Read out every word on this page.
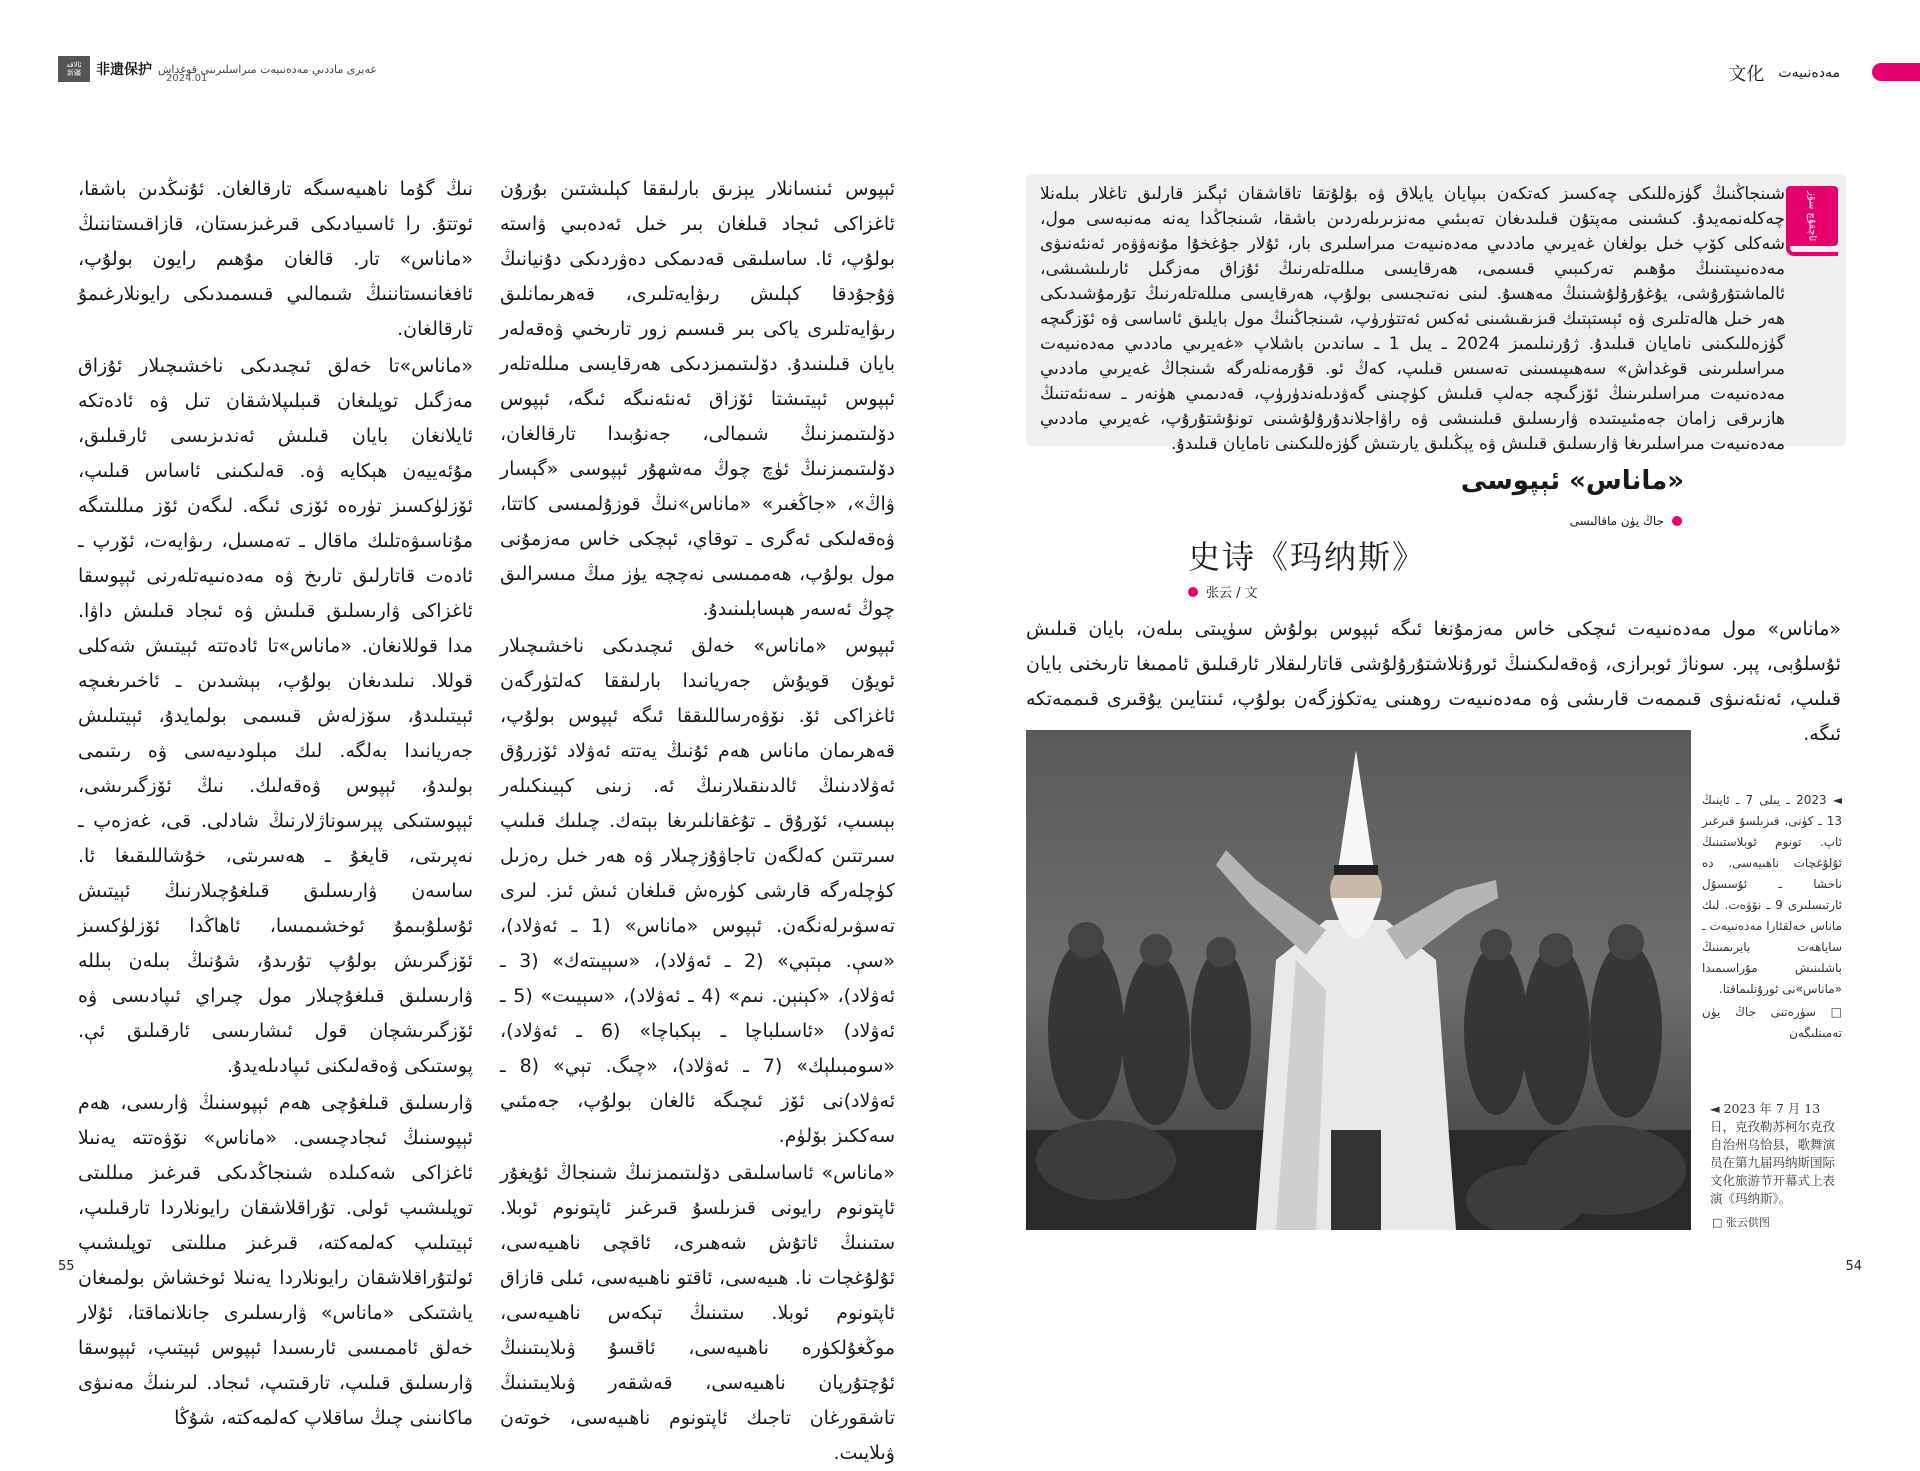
ئالاقە
新疆 非遗保护 غەيرى ماددىي مەدەنىيەت مىراسلىرىنى قوغداش
2024.01

ئېپوس ئىنسانلار يېزىق بارلىققا كېلىشتىن بۇرۇن ئاغزاكى ئىجاد قىلغان بىر خىل ئەدەبىي ۋاستە بولۇپ، ئا. ساسلىقى قەدىمكى دەۋردىكى دۇنيانىڭ ۋۇجۇدقا كېلىش رىۋايەتلىرى، قەھرىمانلىق رىۋايەتلىرى ياكى بىر قىسىم زور تارىخىي ۋەقەلەر بايان قىلىنىدۇ. دۆلىتىمىزدىكى ھەرقايسى مىللەتلەر ئېپوس ئېيتىشتا ئۆزاق ئەنئەنىگە ئىگە، ئېپوس دۆلىتىمىزنىڭ شىمالى، جەنۇبىدا تارقالغان، دۆلىتىمىزنىڭ ئۈچ چوڭ مەشھۇر ئېپوسى «گېسار ۋاڭ»، «جاڭغىر» «ماناس»نىڭ قوزۇلمىسى كاتتا، ۋەقەلىكى ئەگرى ـ توقاي، ئېچكى خاس مەزمۇنى مول بولۇپ، ھەممىسى نەچچە يۈز مىڭ مىسرالىق چوڭ ئەسەر ھېسابلىنىدۇ.

ئېپوس «ماناس» خەلق ئىچىدىكى ناخشىچىلار ئويۇن قويۇش جەريانىدا بارلىققا كەلتۈرگەن ئاغزاكى ئۆ. نۆۋەرساللىققا ئىگە ئېپوس بولۇپ، قەھرىمان ماناس ھەم ئۇنىڭ يەتتە ئەۋلاد ئۆزرۇق ئەۋلادىنىڭ ئالدىنقىلارنىڭ ئە. زىنى كېيىنكىلەر بېسىپ، ئۆرۇق ـ تۇغقانلىرىغا بېتەك. چىلىك قىلىپ سىرتتىن كەلگەن تاجاۋۇزچىلار ۋە ھەر خىل رەزىل كۈچلەرگە قارشى كۈرەش قىلغان ئىش ئىز. لىرى تەسۋىرلەنگەن. ئېپوس «ماناس» (1 ـ ئەۋلاد)، «سې. مېتېي» (2 ـ ئەۋلاد)، «سېيىتەك» (3 ـ ئەۋلاد)، «كېنېن. نىم» (4 ـ ئەۋلاد)، «سېيىت» (5 ـ ئەۋلاد) «ئاسىلباچا ـ بېكباچا» (6 ـ ئەۋلاد)، «سومبىلېك» (7 ـ ئەۋلاد)، «چىگ. تېي» (8 ـ ئەۋلاد)نى ئۆز ئىچىگە ئالغان بولۇپ، جەمئىي سەككىز بۆلۈم.

«ماناس» ئاساسلىقى دۆلىتىمىزنىڭ شىنجاڭ ئۇيغۇر ئاپتونوم رايونى قىزىلسۇ قىرغىز ئاپتونوم ئوبلا. ستىنىڭ ئاتۇش شەھىرى، ئاقچى ناھىيەسى، ئۇلۇغچات نا. ھىيەسى، ئاقتو ناھىيەسى، ئىلى قازاق ئاپتونوم ئوبلا. ستىنىڭ تېكەس ناھىيەسى، موڭغۇلكۈرە ناھىيەسى، ئاقسۇ ۋىلايىتىنىڭ ئۇچتۇرپان ناھىيەسى، قەشقەر ۋىلايىتىنىڭ تاشقورغان تاجىك ئاپتونوم ناھىيەسى، خوتەن ۋىلايىت.

نىڭ گۇما ناھىيەسىگە تارقالغان. ئۇنىڭدىن باشقا، ئوتتۇ. را ئاسىيادىكى قىرغىزىستان، قازاقىستاننىڭ «ماناس» تار. قالغان مۇھىم رايون بولۇپ، ئافغانىستاننىڭ شىمالىي قىسمىدىكى رايونلارغىمۇ تارقالغان.

«ماناس»تا خەلق ئىچىدىكى ناخشىچىلار ئۇزاق مەزگىل توپلىغان قىبلىپلاشقان تىل ۋە ئادەتكە ئايلانغان بايان قىلىش ئەندىزىسى ئارقىلىق، مۇئەييەن ھېكايە ۋە. قەلىكىنى ئاساس قىلىپ، ئۆزلۈكسىز تۈرەە ئۆزى ئىگە. لىگەن ئۆز مىللىتىگە مۇناسىۋەتلىك ماقال ـ تەمسىل، رىۋايەت، ئۆرپ ـ ئادەت قاتارلىق تارىخ ۋە مەدەنىيەتلەرنى ئېپوسقا ئاغزاكى ۋارىسلىق قىلىش ۋە ئىجاد قىلىش داۋا. مدا قوللانغان. «ماناس»تا ئادەتتە ئېيتىش شەكلى قوللا. نىلىدىغان بولۇپ، بېشىدىن ـ ئاخىرىغىچە ئېيتىلىدۇ، سۆزلەش قىسمى بولمايدۇ، ئېيتىلىش جەريانىدا بەلگە. لىك مېلودىيەسى ۋە رىتىمى بولىدۇ، ئېپوس ۋەقەلىك. نىڭ ئۆزگىرىشى، ئېپوستىكى پېرسوناژلارنىڭ شادلى. قى، غەزەپ ـ نەپرىتى، قايغۇ ـ ھەسرىتى، خۇشاللىقىغا ئا. ساسەن ۋارىسلىق قىلغۇچىلارنىڭ ئېيتىش ئۇسلۇبىمۇ ئوخشىمىسا، ئاھاڭدا ئۆزلۈكسىز ئۆزگىرىش بولۇپ تۇرىدۇ، شۇنىڭ بىلەن بىللە ۋارىسلىق قىلغۇچىلار مول چىراي ئىپادىسى ۋە ئۆزگىرىشچان قول ئىشارىسى ئارقىلىق ئې. پوستىكى ۋەقەلىكنى ئىپادىلەيدۇ.

ۋارىسلىق قىلغۇچى ھەم ئېپوسنىڭ ۋارىسى، ھەم ئېپوسنىڭ ئىجادچىسى. «ماناس» نۆۋەتتە يەنىلا ئاغزاكى شەكىلدە شىنجاڭدىكى قىرغىز مىللىتى توپلىشىپ ئولى. تۇراقلاشقان رايونلاردا تارقىلىپ، ئېيتىلىپ كەلمەكتە، قىرغىز مىللىتى توپلىشىپ ئولتۇراقلاشقان رايونلاردا يەنىلا ئوخشاش بولمىغان ياشتىكى «ماناس» ۋارىسلىرى جانلانماقتا، ئۇلار خەلق ئاممىسى ئارىسىدا ئېپوس ئېيتىپ، ئېپوسقا ۋارىسلىق قىلىپ، تارقىتىپ، ئىجاد. لىرىنىڭ مەنىۋى ماكانىنى چىڭ ساقلاپ كەلمەكتە، شۇڭا

55
文化 مەدەنىيەت
شىنجاڭنىڭ گۈزەللىكى چەكسىز كەتكەن بىپايان يايلاق ۋە بۇلۇتقا تاقاشقان ئېگىز قارلىق تاغلار بىلەنلا چەكلەنمەيدۇ. كىشىنى مەپتۇن قىلىدىغان تەبىئىي مەنزىرىلەردىن باشقا، شىنجاڭدا يەنە مەنبەسى مول، شەكلى كۆپ خىل بولغان غەيرىي ماددىي مەدەنىيەت مىراسلىرى بار، ئۇلار جۇغخۇا مۇنەۋۋەر ئەنئەنىۋى مەدەنىيىتىنىڭ مۇھىم تەركىبىي قىسمى، ھەرقايسى مىللەتلەرنىڭ ئۇزاق مەزگىل ئارىلىشىشى، ئالماشتۇرۇشى، يۇغۇرۇلۇشىنىڭ مەھسۇ. لىنى نەتىجىسى بولۇپ، ھەرقايسى مىللەتلەرنىڭ تۇرمۇشىدىكى ھەر خىل ھالەتلىرى ۋە ئېستېتىك قىزىقىشىنى ئەكس ئەتتۈرۈپ، شىنجاڭنىڭ مول بايلىق ئاساسى ۋە ئۆزگىچە گۈزەللىكىنى نامايان قىلىدۇ. ژۇرنىلىمىز 2024 ـ يىل 1 ـ ساندىن باشلاپ «غەيرىي ماددىي مەدەنىيەت مىراسلىرىنى قوغداش» سەھىپىسىنى تەسىس قىلىپ، كەڭ ئو. قۇرمەنلەرگە شىنجاڭ غەيرىي ماددىي مەدەنىيەت مىراسلىرىنىڭ ئۆزگىچە جەلپ قىلىش كۈچىنى گەۋدىلەندۈرۈپ، قەدىمىي ھۈنەر ـ سەنئەتنىڭ ھازىرقى زامان جەمئىيىتىدە ۋارىسلىق قىلىنىشى ۋە راۋاجلاندۇرۇلۇشىنى تونۇشتۇرۇپ، غەيرىي ماددىي مەدەنىيەت مىراسلىرىغا ۋارىسلىق قىلىش ۋە يېڭىلىق يارىتىش گۈزەللىكىنى نامايان قىلىدۇ.
ئاچقۇچ سۆز
«ماناس» ئېپوسى
جاڭ يۈن ماقالىسى
史诗《玛纳斯》
张云 / 文
«ماناس» مول مەدەنىيەت ئىچكى خاس مەزمۇنغا ئىگە ئېپوس بولۇش سۈپىتى بىلەن، بايان قىلىش ئۇسلۇبى، پېر. سوناژ ئوبرازى، ۋەقەلىكىنىڭ ئورۇنلاشتۇرۇلۇشى قاتارلىقلار ئارقىلىق ئاممىغا تارىخنى بايان قىلىپ، ئەنئەنىۋى قىممەت قارىشى ۋە مەدەنىيەت روھىنى يەتكۈزگەن بولۇپ، ئىنتايىن يۇقىرى قىممەتكە ئىگە.
◄ 2023 ـ يىلى 7 ـ ئاينىڭ 13 ـ كۈنى، قىزىلسۇ قىرغىز ئاپ. تونوم ئوبلاستىنىڭ ئۇلۇغچات ناھىيەسى. دە ناخشا ـ ئۇسسۇل ئارتىسلىرى 9 ـ نۆۋەت. لىك ماناس خەلقئارا مەدەنىيەت ـ ساياھەت بايرىمىنىڭ باشلىنىش مۇراسىمىدا «ماناس»نى ئورۇنلىماقتا.
□ سۈرەتنى جاڭ يۈن تەمىنلىگەن
◄ 2023 年 7 月 13 日，克孜勒苏柯尔克孜自治州乌恰县，歌舞演员在第九届玛纳斯国际文化旅游节开幕式上表演《玛纳斯》。
□ 张云供图
54
